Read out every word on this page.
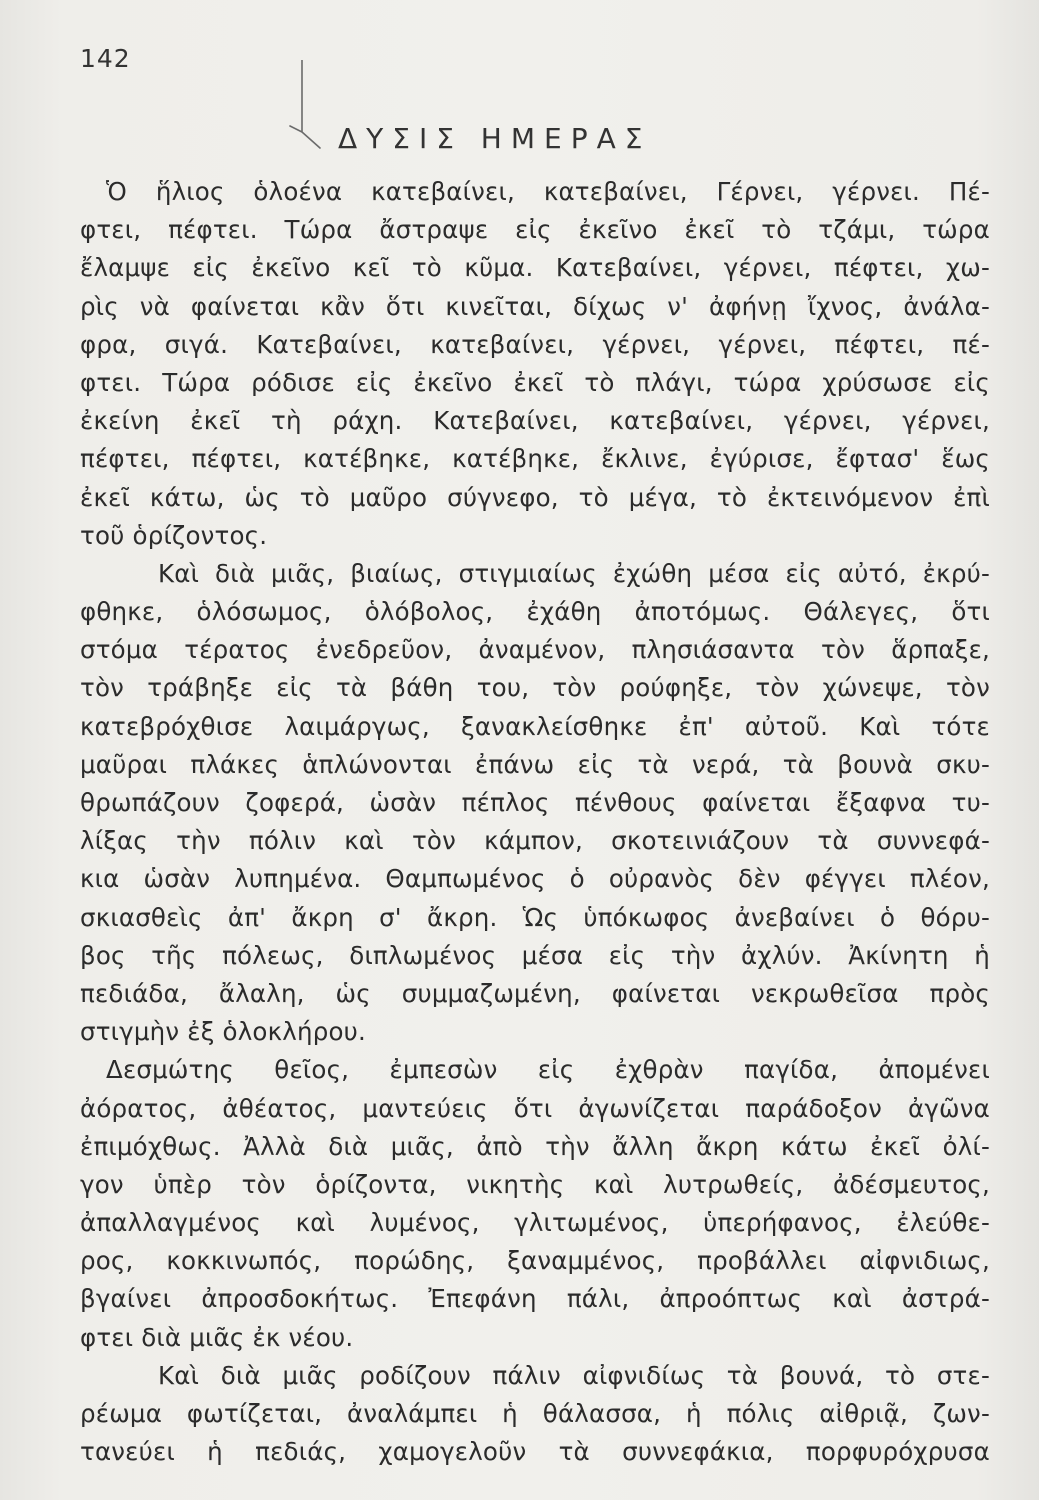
142
ΔΥΣΙΣ ΗΜΕΡΑΣ
Ὁ ἥλιος ὁλοένα κατεβαίνει, κατεβαίνει, Γέρνει, γέρνει. Πέ-
φτει, πέφτει. Τώρα ἄστραψε εἰς ἐκεῖνο ἐκεῖ τὸ τζάμι, τώρα
ἔλαμψε εἰς ἐκεῖνο κεῖ τὸ κῦμα. Κατεβαίνει, γέρνει, πέφτει, χω-
ρὶς νὰ φαίνεται κἂν ὅτι κινεῖται, δίχως ν' ἀφήνῃ ἴχνος, ἀνάλα-
φρα, σιγά. Κατεβαίνει, κατεβαίνει, γέρνει, γέρνει, πέφτει, πέ-
φτει. Τώρα ρόδισε εἰς ἐκεῖνο ἐκεῖ τὸ πλάγι, τώρα χρύσωσε εἰς
ἐκείνη ἐκεῖ τὴ ράχη. Κατεβαίνει, κατεβαίνει, γέρνει, γέρνει,
πέφτει, πέφτει, κατέβηκε, κατέβηκε, ἔκλινε, ἐγύρισε, ἔφτασ' ἕως
ἐκεῖ κάτω, ὡς τὸ μαῦρο σύγνεφο, τὸ μέγα, τὸ ἐκτεινόμενον ἐπὶ
τοῦ ὁρίζοντος.
Καὶ διὰ μιᾶς, βιαίως, στιγμιαίως ἐχώθη μέσα εἰς αὐτό, ἐκρύ-
φθηκε, ὁλόσωμος, ὁλόβολος, ἐχάθη ἀποτόμως. Θάλεγες, ὅτι
στόμα τέρατος ἐνεδρεῦον, ἀναμένον, πλησιάσαντα τὸν ἅρπαξε,
τὸν τράβηξε εἰς τὰ βάθη του, τὸν ρούφηξε, τὸν χώνεψε, τὸν
κατεβρόχθισε λαιμάργως, ξανακλείσθηκε ἐπ' αὐτοῦ. Καὶ τότε
μαῦραι πλάκες ἁπλώνονται ἐπάνω εἰς τὰ νερά, τὰ βουνὰ σκυ-
θρωπάζουν ζοφερά, ὡσὰν πέπλος πένθους φαίνεται ἔξαφνα τυ-
λίξας τὴν πόλιν καὶ τὸν κάμπον, σκοτεινιάζουν τὰ συννεφά-
κια ὡσὰν λυπημένα. Θαμπωμένος ὁ οὐρανὸς δὲν φέγγει πλέον,
σκιασθεὶς ἀπ' ἄκρη σ' ἄκρη. Ὡς ὑπόκωφος ἀνεβαίνει ὁ θόρυ-
βος τῆς πόλεως, διπλωμένος μέσα εἰς τὴν ἀχλύν. Ἀκίνητη ἡ
πεδιάδα, ἄλαλη, ὡς συμμαζωμένη, φαίνεται νεκρωθεῖσα πρὸς
στιγμὴν ἐξ ὁλοκλήρου.
Δεσμώτης θεῖος, ἐμπεσὼν εἰς ἐχθρὰν παγίδα, ἀπομένει
ἀόρατος, ἀθέατος, μαντεύεις ὅτι ἀγωνίζεται παράδοξον ἀγῶνα
ἐπιμόχθως. Ἀλλὰ διὰ μιᾶς, ἀπὸ τὴν ἄλλη ἄκρη κάτω ἐκεῖ ὀλί-
γον ὑπὲρ τὸν ὁρίζοντα, νικητὴς καὶ λυτρωθείς, ἀδέσμευτος,
ἀπαλλαγμένος καὶ λυμένος, γλιτωμένος, ὑπερήφανος, ἐλεύθε-
ρος, κοκκινωπός, πορώδης, ξαναμμένος, προβάλλει αἰφνιδιως,
βγαίνει ἀπροσδοκήτως. Ἐπεφάνη πάλι, ἀπροόπτως καὶ ἀστρά-
φτει διὰ μιᾶς ἐκ νέου.
Καὶ διὰ μιᾶς ροδίζουν πάλιν αἰφνιδίως τὰ βουνά, τὸ στε-
ρέωμα φωτίζεται, ἀναλάμπει ἡ θάλασσα, ἡ πόλις αἰθριᾷ, ζων-
τανεύει ἡ πεδιάς, χαμογελοῦν τὰ συννεφάκια, πορφυρόχρυσα
